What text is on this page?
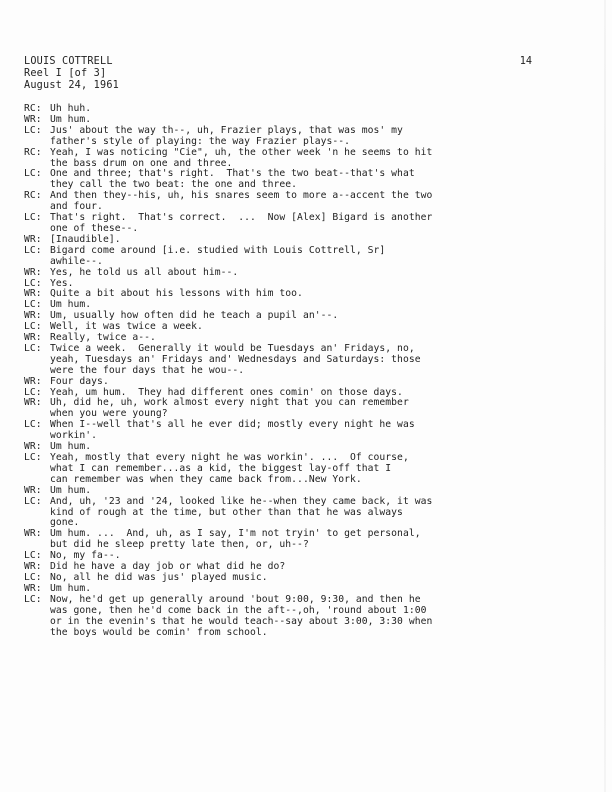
LOUIS COTTRELL
Reel I [of 3]
August 24, 1961
14
RC: Uh huh.
WR: Um hum.
LC: Jus' about the way th--, uh, Frazier plays, that was mos' my
father's style of playing: the way Frazier plays--.
RC: Yeah, I was noticing "Cie", uh, the other week 'n he seems to hit
the bass drum on one and three.
LC: One and three; that's right.  That's the two beat--that's what
they call the two beat: the one and three.
RC: And then they--his, uh, his snares seem to more a--accent the two
and four.
LC: That's right.  That's correct.  ...  Now [Alex] Bigard is another
one of these--.
WR: [Inaudible].
LC: Bigard come around [i.e. studied with Louis Cottrell, Sr]
awhile--.
WR: Yes, he told us all about him--.
LC: Yes.
WR: Quite a bit about his lessons with him too.
LC: Um hum.
WR: Um, usually how often did he teach a pupil an'--.
LC: Well, it was twice a week.
WR: Really, twice a--.
LC: Twice a week.  Generally it would be Tuesdays an' Fridays, no,
yeah, Tuesdays an' Fridays and' Wednesdays and Saturdays: those
were the four days that he wou--.
WR: Four days.
LC: Yeah, um hum.  They had different ones comin' on those days.
WR: Uh, did he, uh, work almost every night that you can remember
when you were young?
LC: When I--well that's all he ever did; mostly every night he was
workin'.
WR: Um hum.
LC: Yeah, mostly that every night he was workin'. ...  Of course,
what I can remember...as a kid, the biggest lay-off that I
can remember was when they came back from...New York.
WR: Um hum.
LC: And, uh, '23 and '24, looked like he--when they came back, it was
kind of rough at the time, but other than that he was always
gone.
WR: Um hum. ...  And, uh, as I say, I'm not tryin' to get personal,
but did he sleep pretty late then, or, uh--?
LC: No, my fa--.
WR: Did he have a day job or what did he do?
LC: No, all he did was jus' played music.
WR: Um hum.
LC: Now, he'd get up generally around 'bout 9:00, 9:30, and then he
was gone, then he'd come back in the aft--,oh, 'round about 1:00
or in the evenin's that he would teach--say about 3:00, 3:30 when
the boys would be comin' from school.
